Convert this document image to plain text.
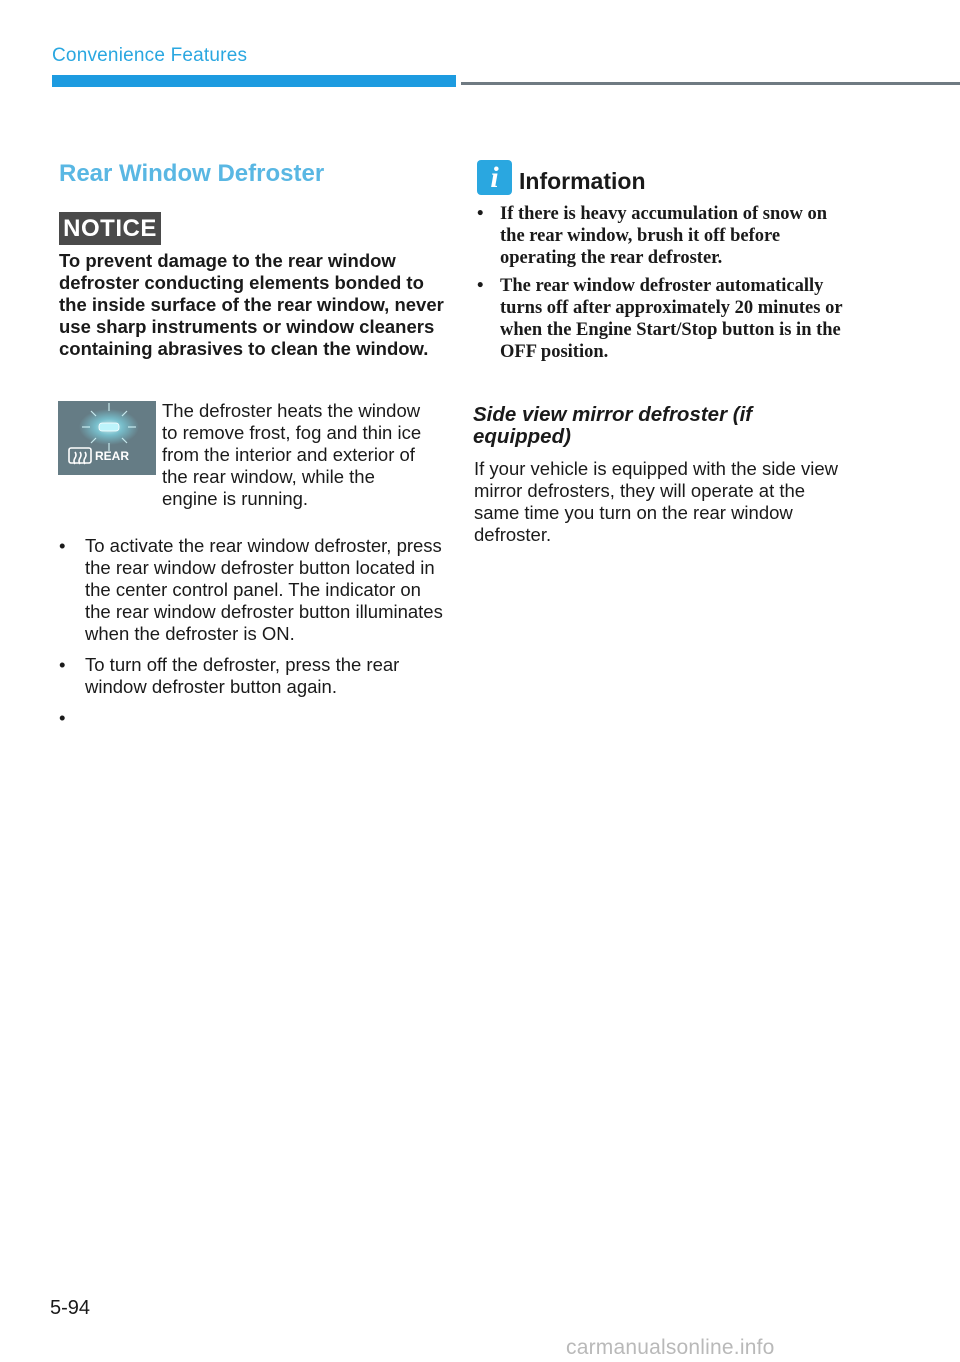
Convenience Features
Rear Window Defroster
NOTICE
To prevent damage to the rear window defroster conducting elements bonded to the inside surface of the rear window, never use sharp instruments or window cleaners containing abrasives to clean the window.
REAR
The defroster heats the window to remove frost, fog and thin ice from the interior and exterior of the rear window, while the engine is running.
• To activate the rear window defroster, press the rear window defroster button located in the center control panel. The indicator on the rear window defroster button illuminates when the defroster is ON.
• To turn off the defroster, press the rear window defroster button again.
•
i Information
• If there is heavy accumulation of snow on the rear window, brush it off before operating the rear defroster.
• The rear window defroster automatically turns off after approximately 20 minutes or when the Engine Start/Stop button is in the OFF position.
Side view mirror defroster (if equipped)
If your vehicle is equipped with the side view mirror defrosters, they will operate at the same time you turn on the rear window defroster.
5-94
carmanualsonline.info
